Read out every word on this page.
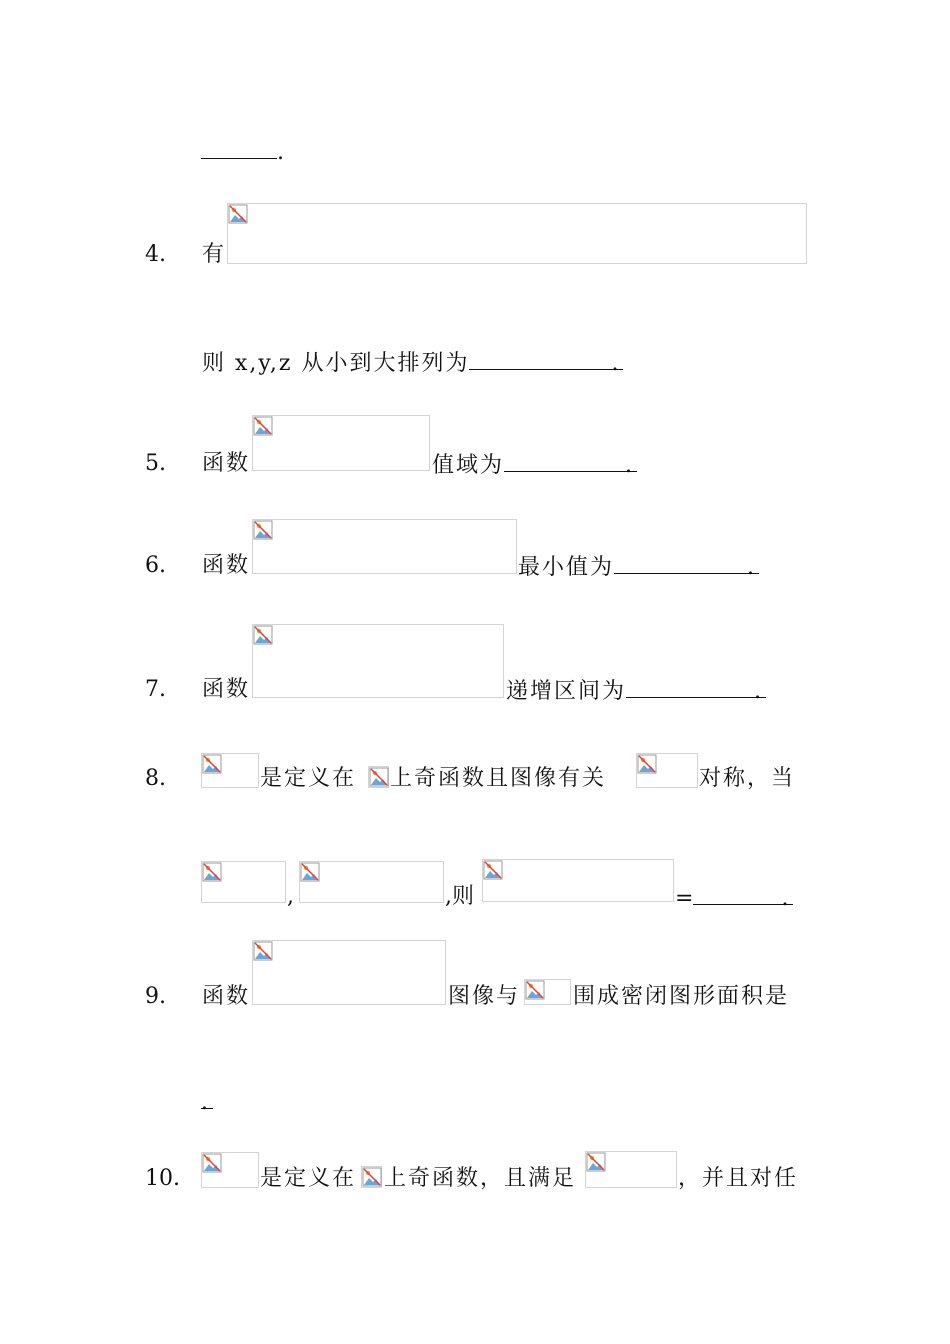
.
4. 有
则 x,y,z 从小到大排列为	.
5. 函数	值域为	.
6. 函数	最小值为	.
7. 函数	递增区间为	.
8.	是定义在 上奇函数且图像有关	对称，当
,	,则	=	.
9. 函数	图像与 围成密闭图形面积是
.
10.	是定义在 上奇函数，且满足	，并且对任
